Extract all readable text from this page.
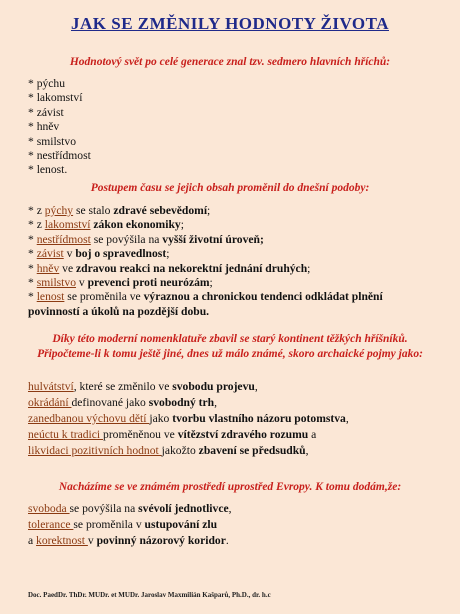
JAK SE ZMĚNILY HODNOTY ŽIVOTA
Hodnotový svět po celé generace znal tzv. sedmero hlavních hříchů:
* pýchu
* lakomství
* závist
* hněv
* smilstvo
* nestřídmost
* lenost.
Postupem času se jejich obsah proměnil do dnešní podoby:
* z pýchy se stalo zdravé sebevědomí;
* z lakomství zákon ekonomiky;
* nestřídmost se povýšila na vyšší životní úroveň;
* závist v boj o spravedlnost;
* hněv ve zdravou reakci na nekorektní jednání druhých;
* smilstvo v prevenci proti neurózám;
* lenost se proměnila ve výraznou a chronickou tendenci odkládat plnění
povinností a úkolů na pozdější dobu.
Díky této moderní nomenklatuře zbavil se starý kontinent těžkých hříšníků.
Připočteme-li k tomu ještě jiné, dnes už málo známé, skoro archaické pojmy jako:
hulvátství, které se změnilo ve svobodu projevu,
okrádání definované jako svobodný trh,
zanedbanou výchovu dětí jako tvorbu vlastního názoru potomstva,
neúctu k tradici proměněnou ve vítězství zdravého rozumu a
likvidaci pozitivních hodnot jakožto zbavení se předsudků,
Nacházíme se ve známém prostředí uprostřed Evropy. K tomu dodám,že:
svoboda se povýšila na svévolí jednotlivce,
tolerance se proměnila v ustupování zlu
a korektnost v povinný názorový koridor.
Doc. PaedDr. ThDr. MUDr. et MUDr. Jaroslav Maxmilián Kašparů, Ph.D., dr. h.c
